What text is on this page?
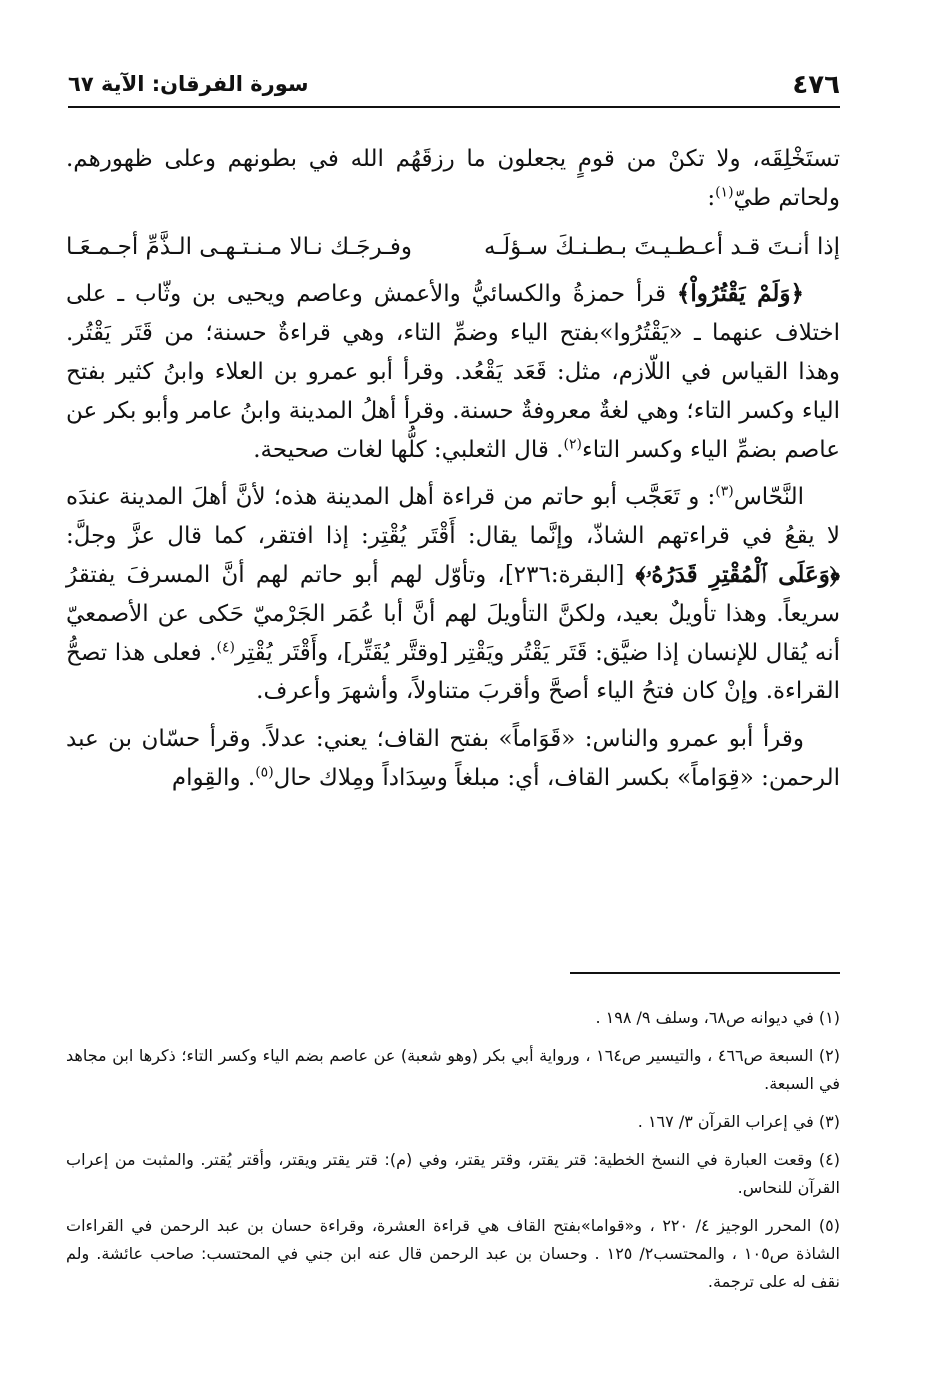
٤٧٦
سورة الفرقان: الآية ٦٧

تستَخْلِقَه، ولا تكنْ من قومٍ يجعلون ما رزقَهُم الله في بطونهم وعلى ظهورهم. ولحاتم طيّ$^{(١)}$:

إذا أنـتَ قـد أعـطـيـتَ بـطـنـكَ سـؤلَـه
وفـرجَـك نـالا مـنـتـهـى الـذَّمِّ أجـمـعَـا

﴿وَلَمْ يَقْتُرُواْ﴾ قرأ حمزةُ والكسائيُّ والأعمش وعاصم ويحيى بن وثّاب ـ على اختلاف عنهما ـ «يَقْتُرُوا»بفتح الياء وضمِّ التاء، وهي قراءةٌ حسنة؛ من قَتَر يَقْتُر. وهذا القياس في اللّازم، مثل: قَعَد يَقْعُد. وقرأ أبو عمرو بن العلاء وابنُ كثير بفتح الياء وكسر التاء؛ وهي لغةٌ معروفةٌ حسنة. وقرأ أهلُ المدينة وابنُ عامر وأبو بكر عن عاصم بضمِّ الياء وكسر التاء$^{(٢)}$. قال الثعلبي: كلُّها لغات صحيحة.

النَّحّاس$^{(٣)}$: و تَعَجَّب أبو حاتم من قراءة أهل المدينة هذه؛ لأنَّ أهلَ المدينة عندَه لا يقعُ في قراءتهم الشاذّ، وإنَّما يقال: أَقْتَر يُقْتِر: إذا افتقر، كما قال عزَّ وجلَّ: ﴿وَعَلَى ٱلْمُقْتِرِ قَدَرُهُۥ﴾ [البقرة:٢٣٦]، وتأوّل لهم أبو حاتم لهم أنَّ المسرفَ يفتقرُ سريعاً. وهذا تأويلٌ بعيد، ولكنَّ التأويلَ لهم أنَّ أبا عُمَر الجَرْميّ حَكى عن الأصمعيّ أنه يُقال للإنسان إذا ضيَّق: قَتَر يَقْتُر ويَقْتِر [وقتَّر يُقَتِّر]، وأَقْتَر يُقْتِر$^{(٤)}$. فعلى هذا تصحُّ القراءة. وإنْ كان فتحُ الياء أصحَّ وأقربَ متناولاً، وأشهرَ وأعرف.

وقرأ أبو عمرو والناس: «قَوَاماً» بفتح القاف؛ يعني: عدلاً. وقرأ حسّان بن عبد الرحمن: «قِوَاماً» بكسر القاف، أي: مبلغاً وسِدَاداً ومِلاك حال$^{(٥)}$. والقِوام

(١) في ديوانه ص٦٨، وسلف ٩/ ١٩٨ .

(٢) السبعة ص٤٦٦ ، والتيسير ص١٦٤ ، ورواية أبي بكر (وهو شعبة) عن عاصم بضم الياء وكسر التاء؛ ذكرها ابن مجاهد في السبعة.

(٣) في إعراب القرآن ٣/ ١٦٧ .

(٤) وقعت العبارة في النسخ الخطية: قتر يقتر، وقتر يقتر، وفي (م): قتر يقتر ويقتر، وأقتر يُقتر. والمثبت من إعراب القرآن للنحاس.

(٥) المحرر الوجيز ٤/ ٢٢٠ ، و«قواما»بفتح القاف هي قراءة العشرة، وقراءة حسان بن عبد الرحمن في القراءات الشاذة ص١٠٥ ، والمحتسب٢/ ١٢٥ . وحسان بن عبد الرحمن قال عنه ابن جني في المحتسب: صاحب عائشة. ولم نقف له على ترجمة.
